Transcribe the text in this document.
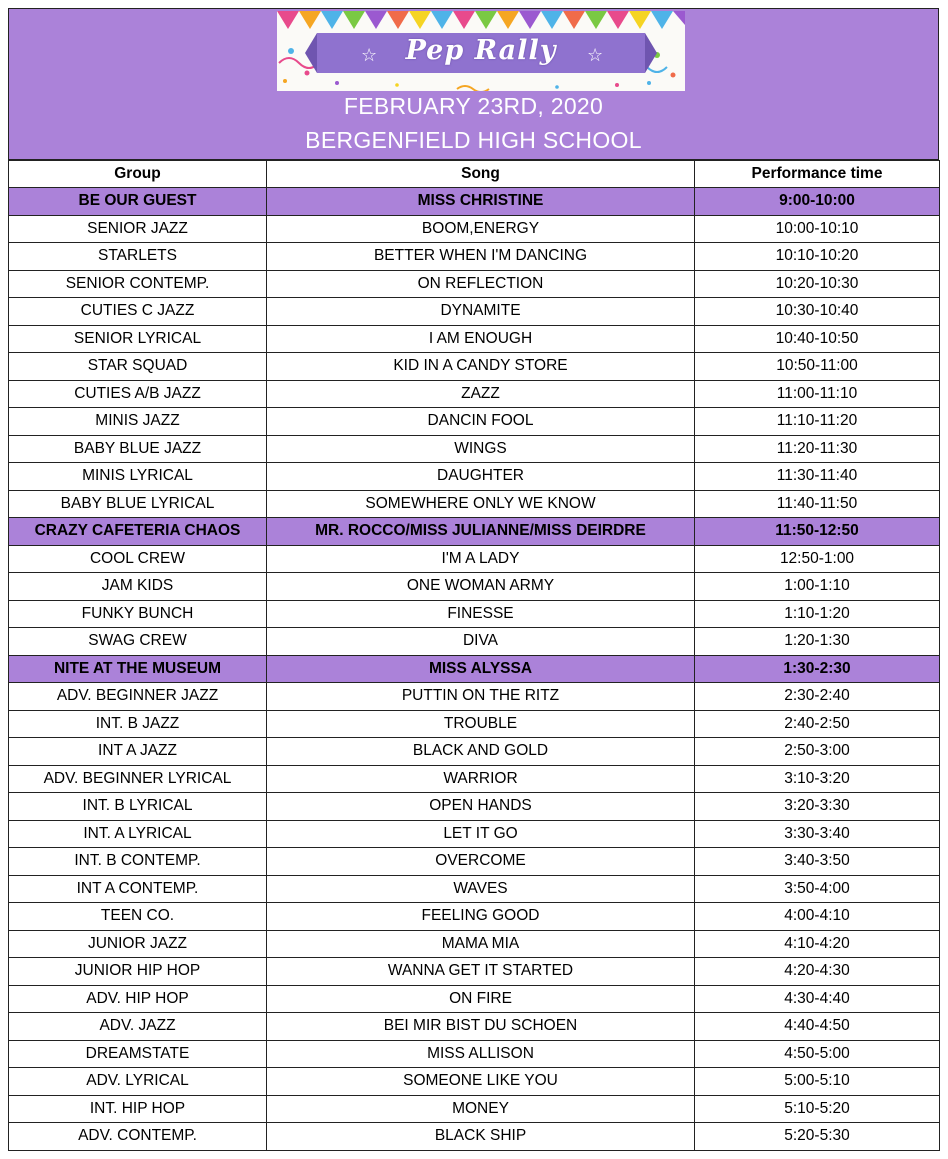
☆	☆
Pep Rally
FEBRUARY 23RD, 2020
BERGENFIELD HIGH SCHOOL
Group	Song	Performance time
BE OUR GUEST	MISS CHRISTINE	9:00-10:00
SENIOR JAZZ	BOOM,ENERGY	10:00-10:10
STARLETS	BETTER WHEN I'M DANCING	10:10-10:20
SENIOR CONTEMP.	ON REFLECTION	10:20-10:30
CUTIES C JAZZ	DYNAMITE	10:30-10:40
SENIOR LYRICAL	I AM ENOUGH	10:40-10:50
STAR SQUAD	KID IN A CANDY STORE	10:50-11:00
CUTIES A/B JAZZ	ZAZZ	11:00-11:10
MINIS JAZZ	DANCIN FOOL	11:10-11:20
BABY BLUE JAZZ	WINGS	11:20-11:30
MINIS LYRICAL	DAUGHTER	11:30-11:40
BABY BLUE LYRICAL	SOMEWHERE ONLY WE KNOW	11:40-11:50
CRAZY CAFETERIA CHAOS	MR. ROCCO/MISS JULIANNE/MISS DEIRDRE	11:50-12:50
COOL CREW	I'M A LADY	12:50-1:00
JAM KIDS	ONE WOMAN ARMY	1:00-1:10
FUNKY BUNCH	FINESSE	1:10-1:20
SWAG CREW	DIVA	1:20-1:30
NITE AT THE MUSEUM	MISS ALYSSA	1:30-2:30
ADV. BEGINNER JAZZ	PUTTIN ON THE RITZ	2:30-2:40
INT. B JAZZ	TROUBLE	2:40-2:50
INT A JAZZ	BLACK AND GOLD	2:50-3:00
ADV. BEGINNER LYRICAL	WARRIOR	3:10-3:20
INT. B LYRICAL	OPEN HANDS	3:20-3:30
INT. A LYRICAL	LET IT GO	3:30-3:40
INT. B CONTEMP.	OVERCOME	3:40-3:50
INT A CONTEMP.	WAVES	3:50-4:00
TEEN CO.	FEELING GOOD	4:00-4:10
JUNIOR JAZZ	MAMA MIA	4:10-4:20
JUNIOR HIP HOP	WANNA GET IT STARTED	4:20-4:30
ADV. HIP HOP	ON FIRE	4:30-4:40
ADV. JAZZ	BEI MIR BIST DU SCHOEN	4:40-4:50
DREAMSTATE	MISS ALLISON	4:50-5:00
ADV. LYRICAL	SOMEONE LIKE YOU	5:00-5:10
INT. HIP HOP	MONEY	5:10-5:20
ADV. CONTEMP.	BLACK SHIP	5:20-5:30
